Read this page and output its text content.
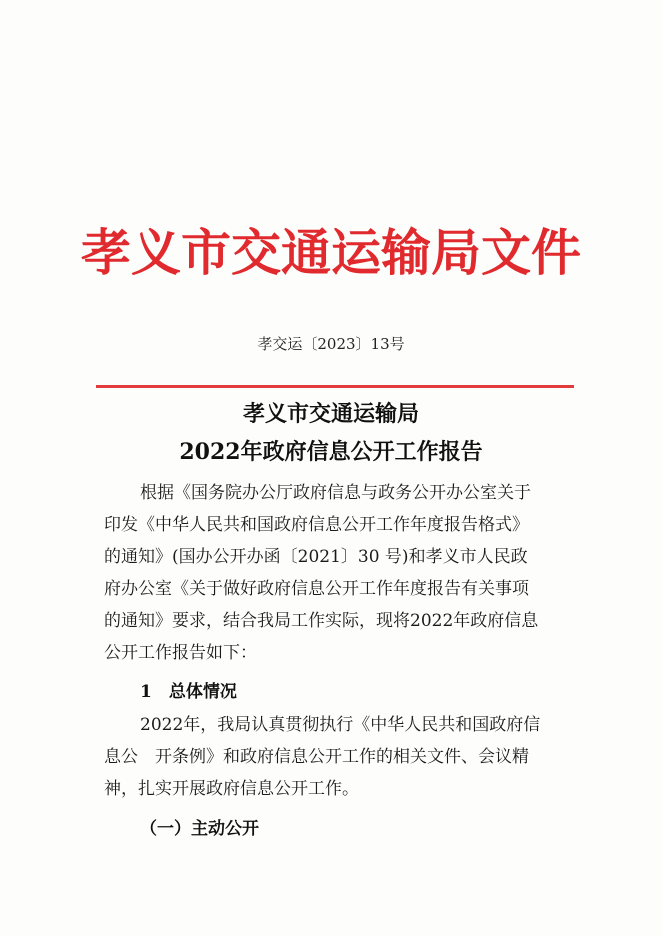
孝义市交通运输局文件
孝交运〔2023〕13号
孝义市交通运输局
2022年政府信息公开工作报告
根据《国务院办公厅政府信息与政务公开办公室关于
印发《中华人民共和国政府信息公开工作年度报告格式》
的通知》(国办公开办函〔2021〕30 号)和孝义市人民政
府办公室《关于做好政府信息公开工作年度报告有关事项
的通知》要求，结合我局工作实际，现将2022年政府信息
公开工作报告如下：
1　总体情况
2022年，我局认真贯彻执行《中华人民共和国政府信
息公　开条例》和政府信息公开工作的相关文件、会议精
神，扎实开展政府信息公开工作。
（一）主动公开
